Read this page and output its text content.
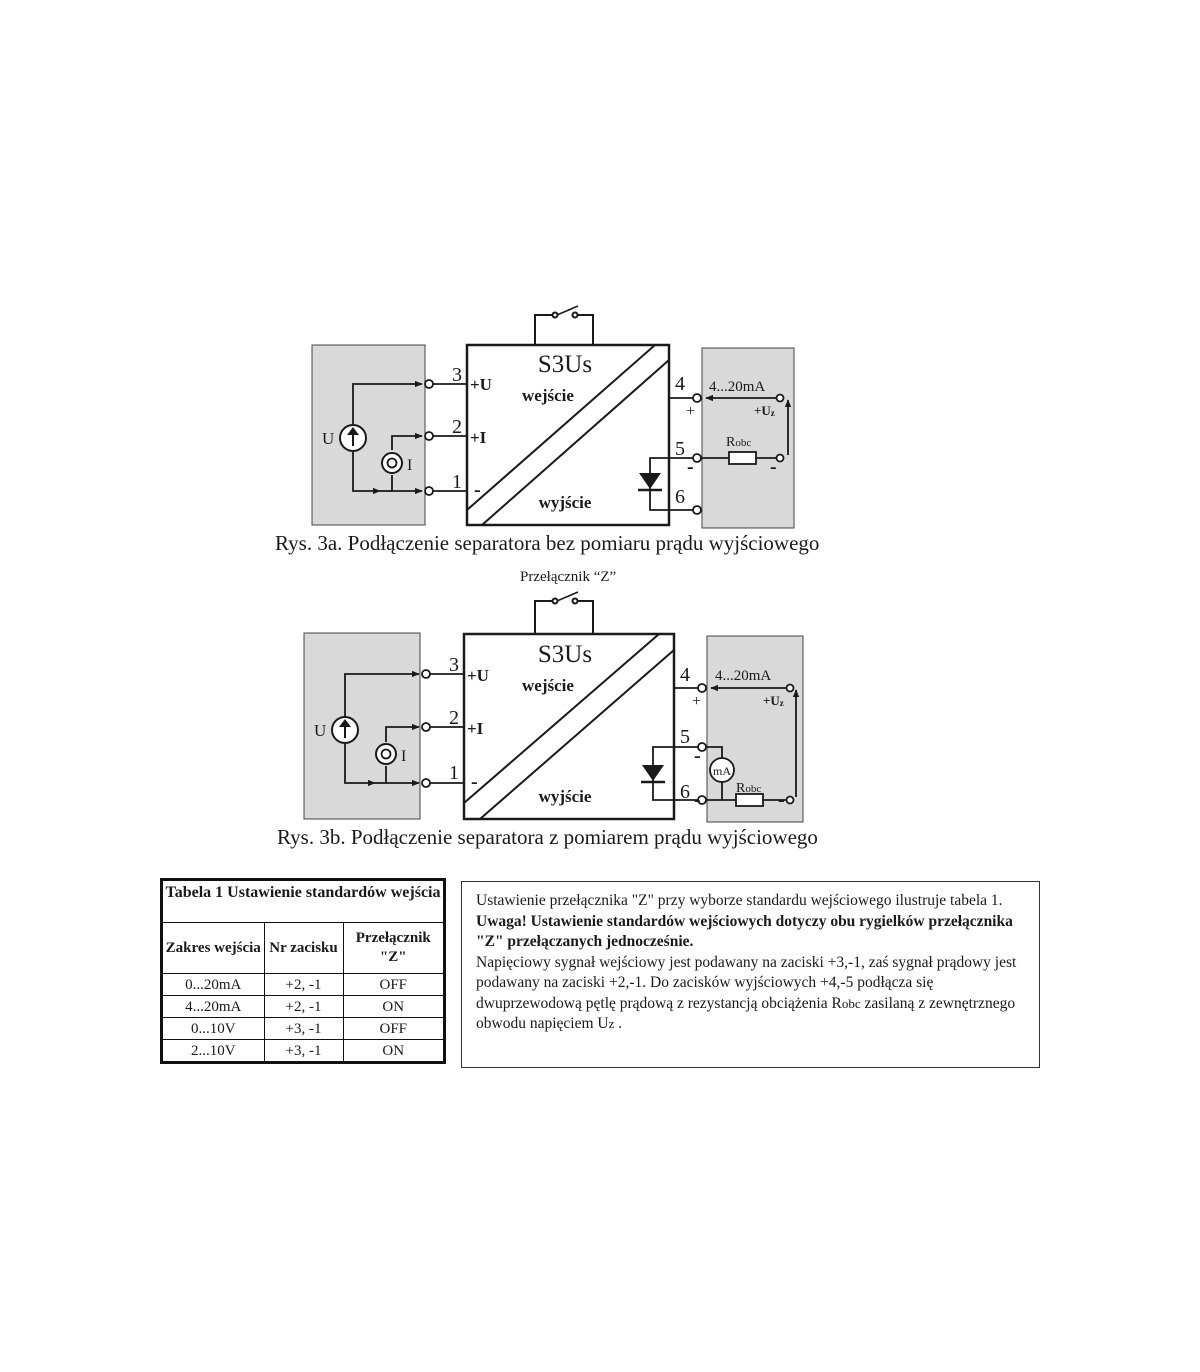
S3Us
wejście
wyjście
3
2
1
+U
+I
-
U
I
4
5
6
+
-
4...20mA
+Uz
Robc
-
S3Us
wejście
wyjście
3
2
1
+U
+I
-
U
I
mA
4
5
6
+
-
-
4...20mA
+Uz
Robc -
Rys. 3a. Podłączenie separatora bez pomiaru prądu wyjściowego
Przełącznik “Z”
Rys. 3b. Podłączenie separatora z pomiarem prądu wyjściowego
Tabela 1 Ustawienie standardów wejścia
Zakres wejścia	Nr zacisku	Przełącznik "Z"
0...20mA	+2, -1	OFF
4...20mA	+2, -1	ON
0...10V	+3, -1	OFF
2...10V	+3, -1	ON

Ustawienie przełącznika "Z" przy wyborze standardu wejściowego ilustruje tabela 1.

Uwaga! Ustawienie standardów wejściowych dotyczy obu rygielków przełącznika "Z" przełączanych jednocześnie.

Napięciowy sygnał wejściowy jest podawany na zaciski +3,-1, zaś sygnał prądowy jest podawany na zaciski +2,-1. Do zacisków wyjściowych +4,-5 podłącza się dwuprzewodową pętlę prądową z rezystancją obciążenia Robc zasilaną z zewnętrznego obwodu napięciem Uz .
